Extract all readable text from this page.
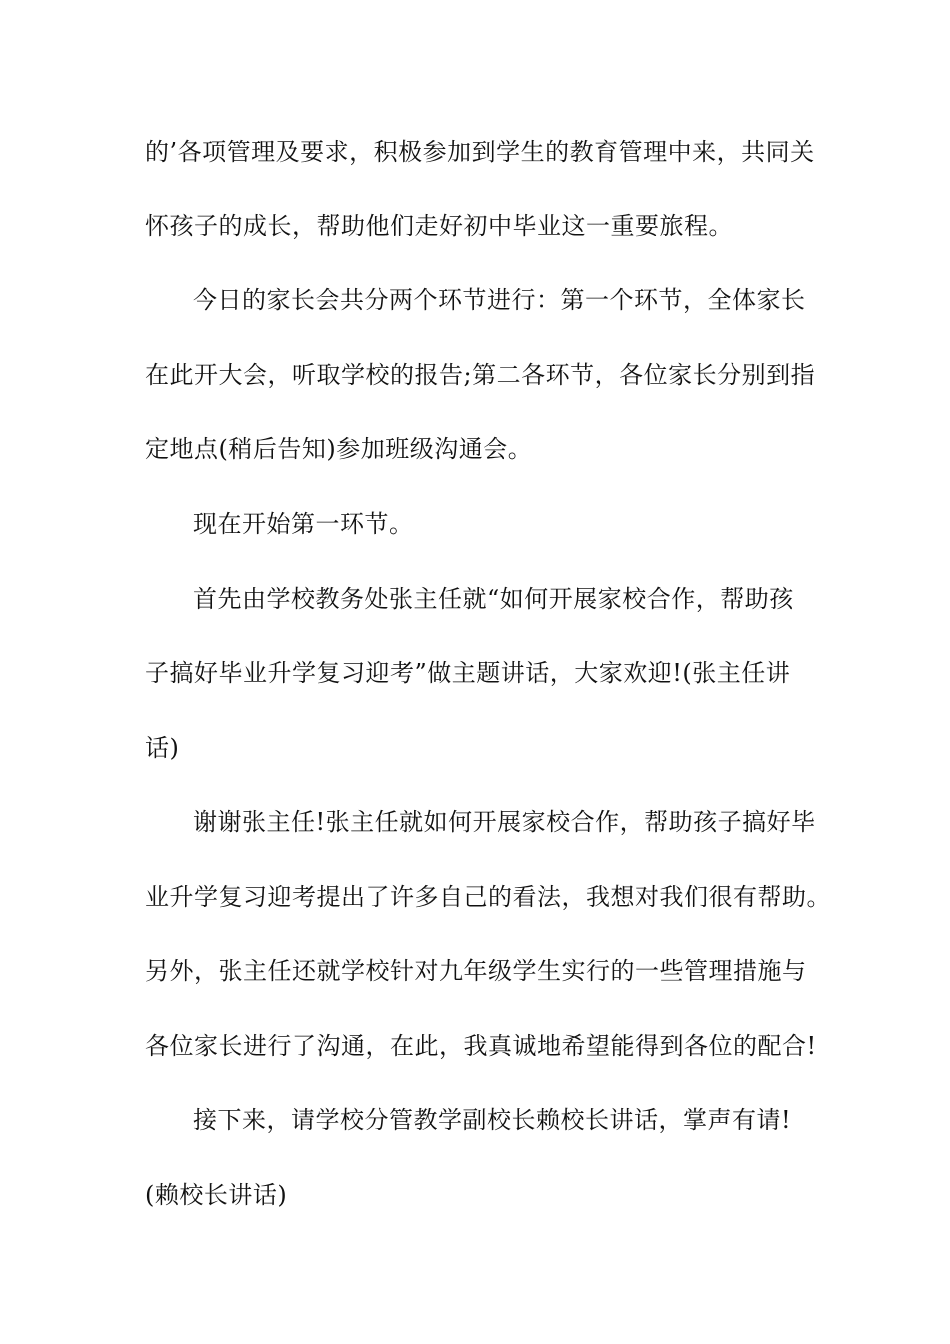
的’各项管理及要求，积极参加到学生的教育管理中来，共同关
怀孩子的成长，帮助他们走好初中毕业这一重要旅程。
今日的家长会共分两个环节进行：第一个环节，全体家长
在此开大会，听取学校的报告;第二各环节，各位家长分别到指
定地点(稍后告知)参加班级沟通会。
现在开始第一环节。
首先由学校教务处张主任就“如何开展家校合作，帮助孩
子搞好毕业升学复习迎考”做主题讲话，大家欢迎!(张主任讲
话)
谢谢张主任!张主任就如何开展家校合作，帮助孩子搞好毕
业升学复习迎考提出了许多自己的看法，我想对我们很有帮助。
另外，张主任还就学校针对九年级学生实行的一些管理措施与
各位家长进行了沟通，在此，我真诚地希望能得到各位的配合!
接下来，请学校分管教学副校长赖校长讲话，掌声有请!
(赖校长讲话)
